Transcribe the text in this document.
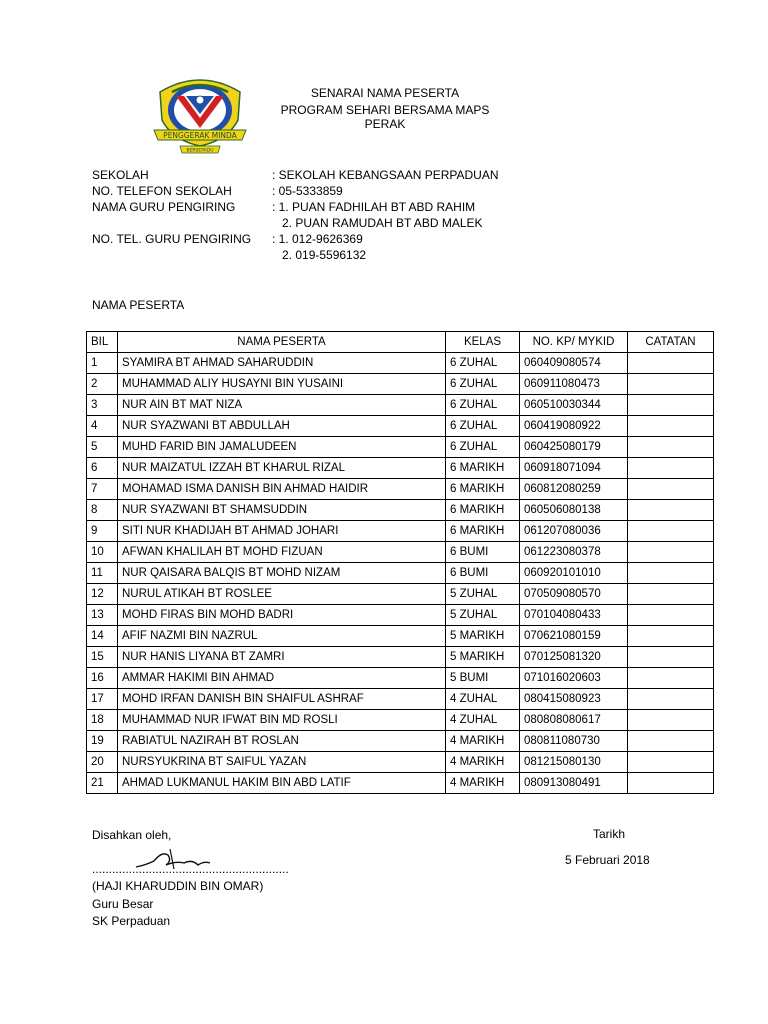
PENGGERAK MINDA
BERSEPADU
SENARAI NAMA PESERTA
PROGRAM SEHARI BERSAMA MAPS PERAK
SEKOLAH	: SEKOLAH KEBANGSAAN PERPADUAN
NO. TELEFON SEKOLAH	: 05-5333859
NAMA GURU PENGIRING	: 1. PUAN FADHILAH BT ABD RAHIM
2. PUAN RAMUDAH BT ABD MALEK
NO. TEL. GURU PENGIRING : 1. 012-9626369
2. 019-5596132
NAMA PESERTA
BIL	NAMA PESERTA	KELAS	NO. KP/ MYKID	CATATAN
1	SYAMIRA BT AHMAD SAHARUDDIN	6 ZUHAL	060409080574	
2	MUHAMMAD ALIY HUSAYNI BIN YUSAINI	6 ZUHAL	060911080473	
3	NUR AIN BT MAT NIZA	6 ZUHAL	060510030344	
4	NUR SYAZWANI BT ABDULLAH	6 ZUHAL	060419080922	
5	MUHD FARID BIN JAMALUDEEN	6 ZUHAL	060425080179	
6	NUR MAIZATUL IZZAH BT KHARUL RIZAL	6 MARIKH	060918071094	
7	MOHAMAD ISMA DANISH BIN AHMAD HAIDIR	6 MARIKH	060812080259	
8	NUR SYAZWANI BT SHAMSUDDIN	6 MARIKH	060506080138	
9	SITI NUR KHADIJAH BT AHMAD JOHARI	6 MARIKH	061207080036	
10	AFWAN KHALILAH BT MOHD FIZUAN	6 BUMI	061223080378	
11	NUR QAISARA BALQIS BT MOHD NIZAM	6 BUMI	060920101010	
12	NURUL ATIKAH BT ROSLEE	5 ZUHAL	070509080570	
13	MOHD FIRAS BIN MOHD BADRI	5 ZUHAL	070104080433	
14	AFIF NAZMI BIN NAZRUL	5 MARIKH	070621080159	
15	NUR HANIS LIYANA BT ZAMRI	5 MARIKH	070125081320	
16	AMMAR HAKIMI BIN AHMAD	5 BUMI	071016020603	
17	MOHD IRFAN DANISH BIN SHAIFUL ASHRAF	4 ZUHAL	080415080923	
18	MUHAMMAD NUR IFWAT BIN MD ROSLI	4 ZUHAL	080808080617	
19	RABIATUL NAZIRAH BT ROSLAN	4 MARIKH	080811080730	
20	NURSYUKRINA BT SAIFUL YAZAN	4 MARIKH	081215080130	
21	AHMAD LUKMANUL HAKIM BIN ABD LATIF	4 MARIKH	080913080491	
Disahkan oleh,
...........................................................
(HAJI KHARUDDIN BIN OMAR)
Guru Besar
SK Perpaduan
Tarikh
5 Februari 2018
